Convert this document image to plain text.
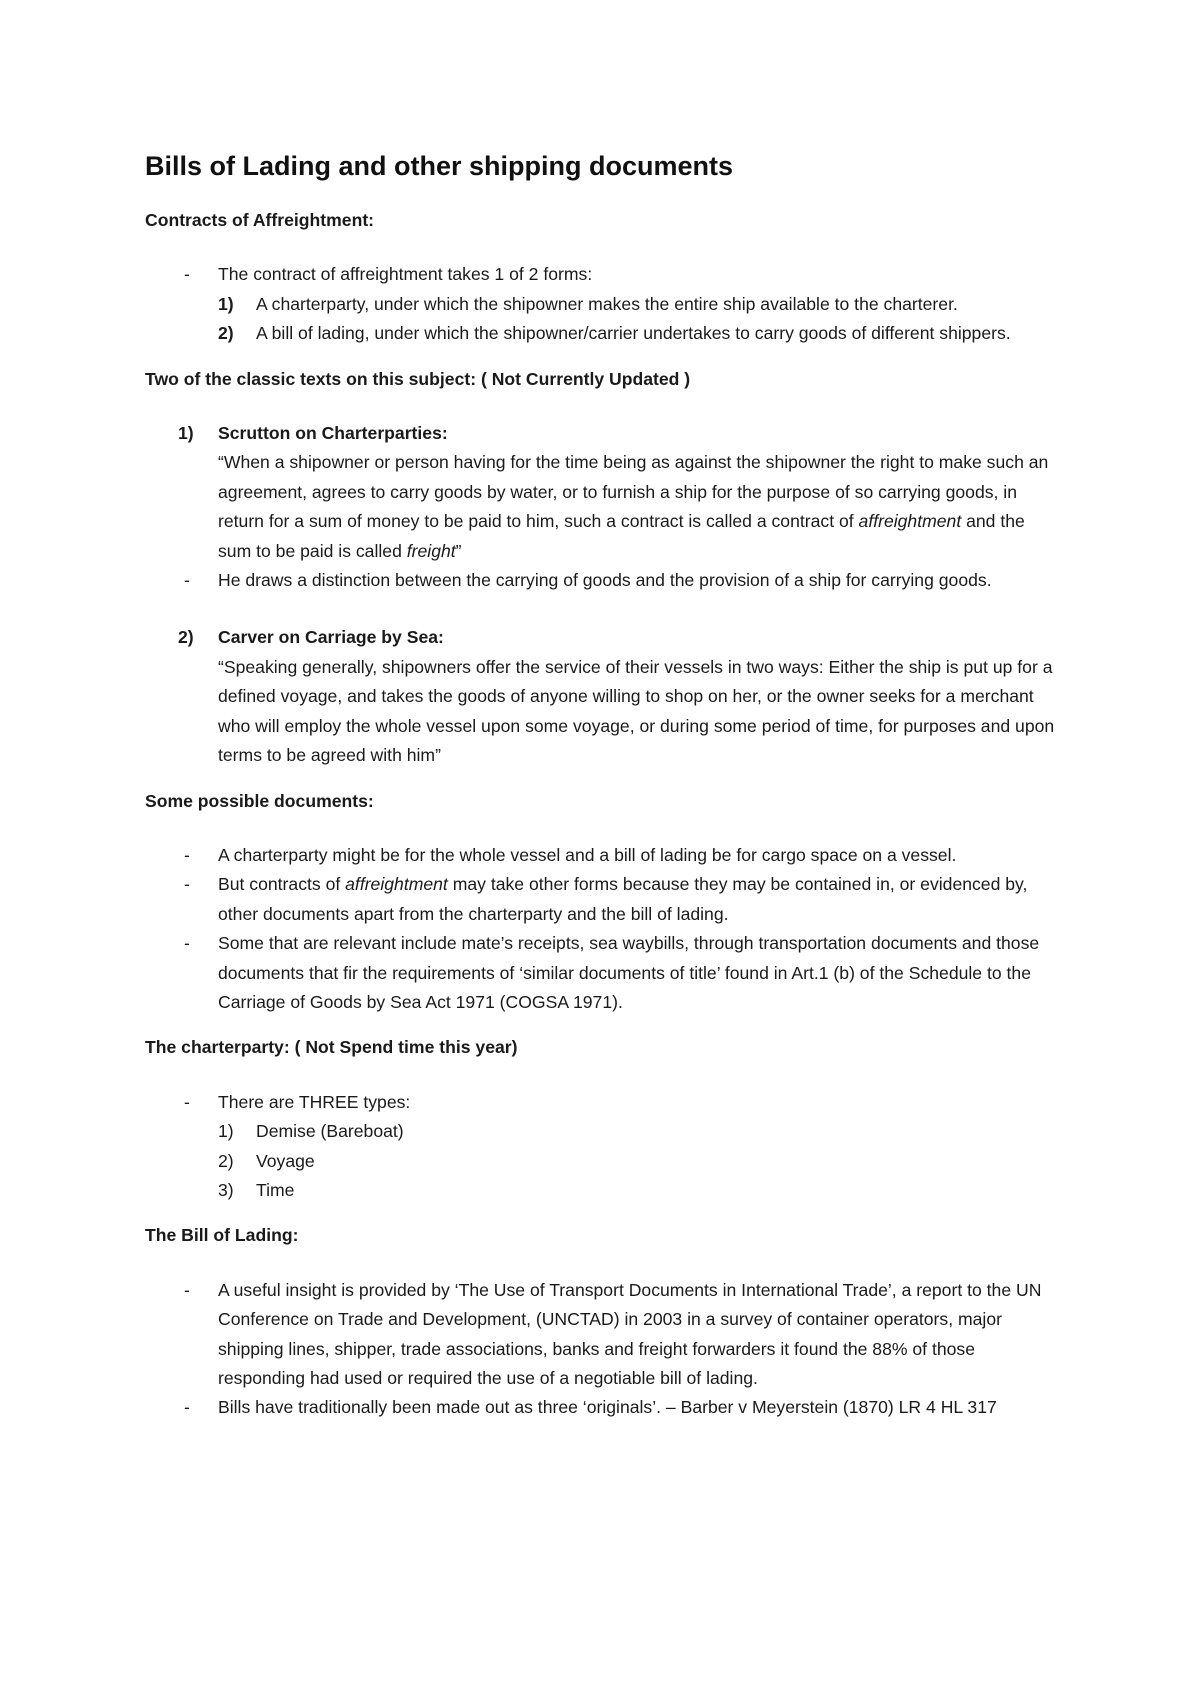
Bills of Lading and other shipping documents
Contracts of Affreightment:
- The contract of affreightment takes 1 of 2 forms:
1) A charterparty, under which the shipowner makes the entire ship available to the charterer.
2) A bill of lading, under which the shipowner/carrier undertakes to carry goods of different shippers.
Two of the classic texts on this subject: ( Not Currently Updated )
1) Scrutton on Charterparties:
“When a shipowner or person having for the time being as against the shipowner the right to make such an agreement, agrees to carry goods by water, or to furnish a ship for the purpose of so carrying goods, in return for a sum of money to be paid to him, such a contract is called a contract of affreightment and the sum to be paid is called freight”
- He draws a distinction between the carrying of goods and the provision of a ship for carrying goods.
2) Carver on Carriage by Sea:
“Speaking generally, shipowners offer the service of their vessels in two ways: Either the ship is put up for a defined voyage, and takes the goods of anyone willing to shop on her, or the owner seeks for a merchant who will employ the whole vessel upon some voyage, or during some period of time, for purposes and upon terms to be agreed with him”
Some possible documents:
- A charterparty might be for the whole vessel and a bill of lading be for cargo space on a vessel.
- But contracts of affreightment may take other forms because they may be contained in, or evidenced by, other documents apart from the charterparty and the bill of lading.
- Some that are relevant include mate’s receipts, sea waybills, through transportation documents and those documents that fir the requirements of ‘similar documents of title’ found in Art.1 (b) of the Schedule to the Carriage of Goods by Sea Act 1971 (COGSA 1971).
The charterparty: ( Not Spend time this year)
- There are THREE types:
1) Demise (Bareboat)
2) Voyage
3) Time
The Bill of Lading:
- A useful insight is provided by ‘The Use of Transport Documents in International Trade’, a report to the UN Conference on Trade and Development, (UNCTAD) in 2003 in a survey of container operators, major shipping lines, shipper, trade associations, banks and freight forwarders it found the 88% of those responding had used or required the use of a negotiable bill of lading.
- Bills have traditionally been made out as three ‘originals’. – Barber v Meyerstein (1870) LR 4 HL 317
